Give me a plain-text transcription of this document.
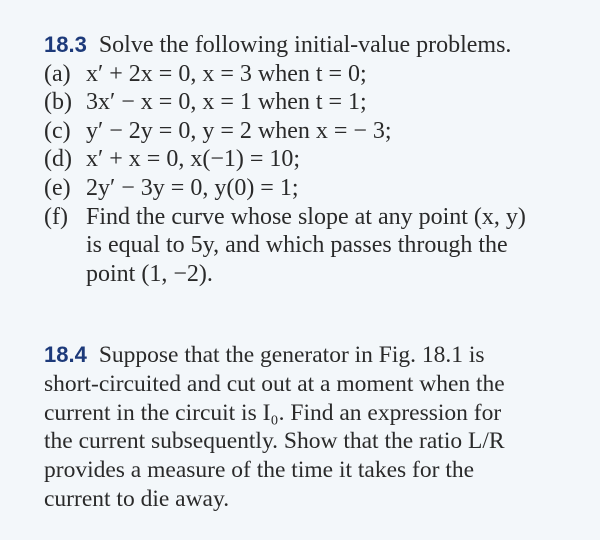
18.3 Solve the following initial-value problems.
(a) x′ + 2x = 0, x = 3 when t = 0;
(b) 3x′ − x = 0, x = 1 when t = 1;
(c) y′ − 2y = 0, y = 2 when x = − 3;
(d) x′ + x = 0, x(−1) = 10;
(e) 2y′ − 3y = 0, y(0) = 1;
(f) Find the curve whose slope at any point (x, y)
is equal to 5y, and which passes through the
point (1, −2).
18.4 Suppose that the generator in Fig. 18.1 is
short-circuited and cut out at a moment when the
current in the circuit is I₀. Find an expression for
the current subsequently. Show that the ratio L/R
provides a measure of the time it takes for the
current to die away.
